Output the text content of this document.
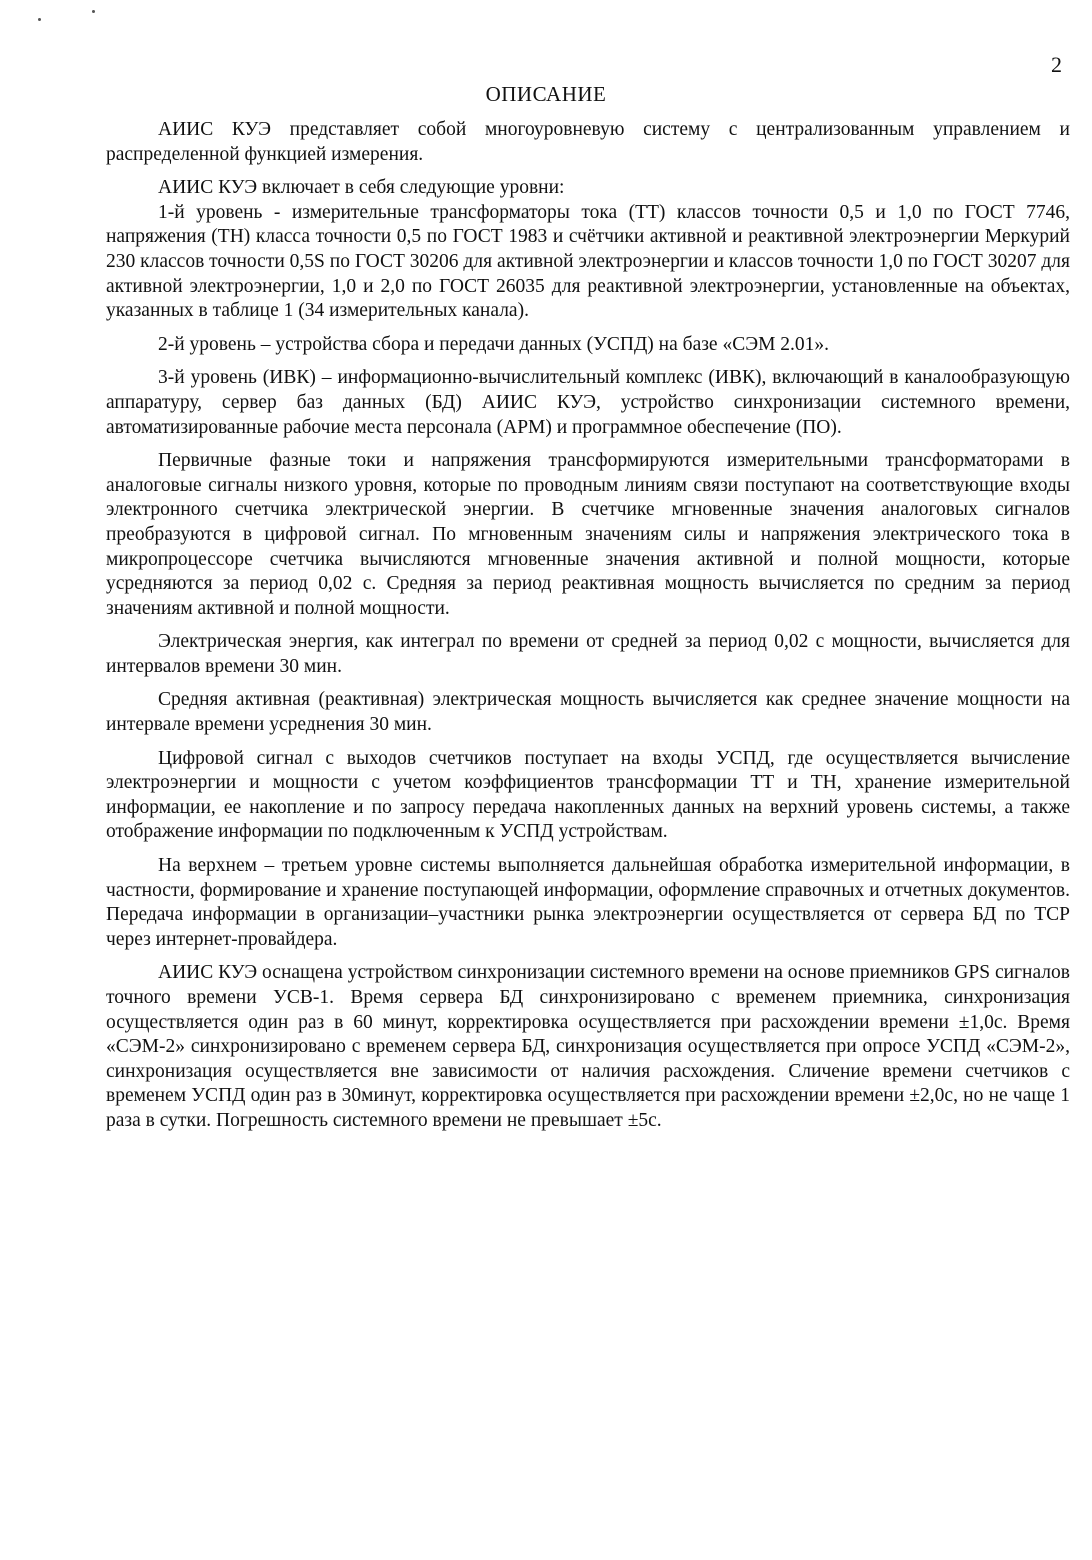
2
ОПИСАНИЕ

АИИС КУЭ представляет собой многоуровневую систему с централизованным управлением и распределенной функцией измерения.

АИИС КУЭ включает в себя следующие уровни:

1-й уровень - измерительные трансформаторы тока (ТТ) классов точности 0,5 и 1,0 по ГОСТ 7746, напряжения (ТН) класса точности 0,5 по ГОСТ 1983 и счётчики активной и реактивной электроэнергии Меркурий 230 классов точности 0,5S по ГОСТ 30206 для активной электроэнергии и классов точности 1,0 по ГОСТ 30207 для активной электроэнергии, 1,0 и 2,0 по ГОСТ 26035 для реактивной электроэнергии, установленные на объектах, указанных в таблице 1 (34 измерительных канала).

2-й уровень – устройства сбора и передачи данных (УСПД) на базе «СЭМ 2.01».

3-й уровень (ИВК) – информационно-вычислительный комплекс (ИВК), включающий в каналообразующую аппаратуру, сервер баз данных (БД) АИИС КУЭ, устройство синхронизации системного времени, автоматизированные рабочие места персонала (АРМ) и программное обеспечение (ПО).

Первичные фазные токи и напряжения трансформируются измерительными трансформаторами в аналоговые сигналы низкого уровня, которые по проводным линиям связи поступают на соответствующие входы электронного счетчика электрической энергии. В счетчике мгновенные значения аналоговых сигналов преобразуются в цифровой сигнал. По мгновенным значениям силы и напряжения электрического тока в микропроцессоре счетчика вычисляются мгновенные значения активной и полной мощности, которые усредняются за период 0,02 с. Средняя за период реактивная мощность вычисляется по средним за период значениям активной и полной мощности.

Электрическая энергия, как интеграл по времени от средней за период 0,02 с мощности, вычисляется для интервалов времени 30 мин.

Средняя активная (реактивная) электрическая мощность вычисляется как среднее значение мощности на интервале времени усреднения 30 мин.

Цифровой сигнал с выходов счетчиков поступает на входы УСПД, где осуществляется вычисление электроэнергии и мощности с учетом коэффициентов трансформации ТТ и ТН, хранение измерительной информации, ее накопление и по запросу передача накопленных данных на верхний уровень системы, а также отображение информации по подключенным к УСПД устройствам.

На верхнем – третьем уровне системы выполняется дальнейшая обработка измерительной информации, в частности, формирование и хранение поступающей информации, оформление справочных и отчетных документов. Передача информации в организации–участники рынка электроэнергии осуществляется от сервера БД по TCP через интернет-провайдера.

АИИС КУЭ оснащена устройством синхронизации системного времени на основе приемников GPS сигналов точного времени УСВ-1. Время сервера БД синхронизировано с временем приемника, синхронизация осуществляется один раз в 60 минут, корректировка осуществляется при расхождении времени ±1,0с. Время «СЭМ-2» синхронизировано с временем сервера БД, синхронизация осуществляется при опросе УСПД «СЭМ-2», синхронизация осуществляется вне зависимости от наличия расхождения. Сличение времени счетчиков с временем УСПД один раз в 30минут, корректировка осуществляется при расхождении времени ±2,0с, но не чаще 1 раза в сутки. Погрешность системного времени не превышает ±5с.
